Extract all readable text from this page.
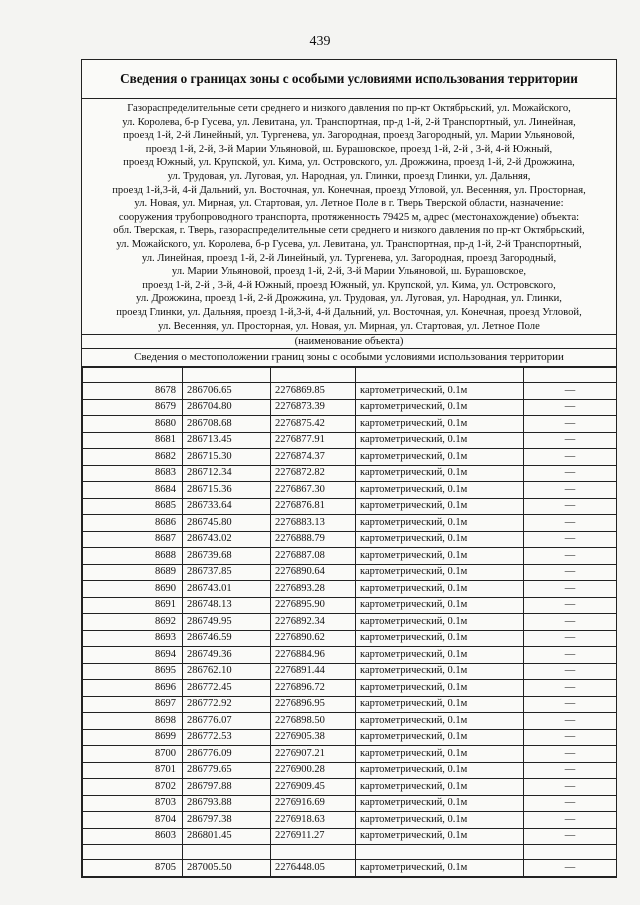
439
Сведения о границах зоны с особыми условиями использования территории
Газораспределительные сети среднего и низкого давления по пр-кт Октябрьский, ул. Можайского,
ул. Королева, б-р Гусева, ул. Левитана, ул. Транспортная, пр-д 1-й, 2-й Транспортный, ул. Линейная,
проезд 1-й, 2-й Линейный, ул. Тургенева, ул. Загородная, проезд Загородный, ул. Марии Ульяновой,
проезд 1-й, 2-й, 3-й Марии Ульяновой, ш. Бурашовское, проезд 1-й, 2-й , 3-й, 4-й Южный,
проезд Южный, ул. Крупской, ул. Кима, ул. Островского, ул. Дрожжина, проезд 1-й, 2-й Дрожжина,
ул. Трудовая, ул. Луговая, ул. Народная, ул. Глинки, проезд Глинки, ул. Дальняя,
проезд 1-й,3-й, 4-й Дальний, ул. Восточная, ул. Конечная, проезд Угловой, ул. Весенняя, ул. Просторная,
ул. Новая, ул. Мирная, ул. Стартовая, ул. Летное Поле в г. Тверь Тверской области, назначение:
сооружения трубопроводного транспорта, протяженность 79425 м, адрес (местонахождение) объекта:
обл. Тверская, г. Тверь, газораспределительные сети среднего и низкого давления по пр-кт Октябрьский,
ул. Можайского, ул. Королева, б-р Гусева, ул. Левитана, ул. Транспортная, пр-д 1-й, 2-й Транспортный,
ул. Линейная, проезд 1-й, 2-й Линейный, ул. Тургенева, ул. Загородная, проезд Загородный,
ул. Марии Ульяновой, проезд 1-й, 2-й, 3-й Марии Ульяновой, ш. Бурашовское,
проезд 1-й, 2-й , 3-й, 4-й Южный, проезд Южный, ул. Крупской, ул. Кима, ул. Островского,
ул. Дрожжина, проезд 1-й, 2-й Дрожжина, ул. Трудовая, ул. Луговая, ул. Народная, ул. Глинки,
проезд Глинки, ул. Дальняя, проезд 1-й,3-й, 4-й Дальний, ул. Восточная, ул. Конечная, проезд Угловой,
ул. Весенняя, ул. Просторная, ул. Новая, ул. Мирная, ул. Стартовая, ул. Летное Поле
(наименование объекта)
Сведения о местоположении границ зоны с особыми условиями использования территории

8678	286706.65	2276869.85	картометрический, 0.1м	—
8679	286704.80	2276873.39	картометрический, 0.1м	—
8680	286708.68	2276875.42	картометрический, 0.1м	—
8681	286713.45	2276877.91	картометрический, 0.1м	—
8682	286715.30	2276874.37	картометрический, 0.1м	—
8683	286712.34	2276872.82	картометрический, 0.1м	—
8684	286715.36	2276867.30	картометрический, 0.1м	—
8685	286733.64	2276876.81	картометрический, 0.1м	—
8686	286745.80	2276883.13	картометрический, 0.1м	—
8687	286743.02	2276888.79	картометрический, 0.1м	—
8688	286739.68	2276887.08	картометрический, 0.1м	—
8689	286737.85	2276890.64	картометрический, 0.1м	—
8690	286743.01	2276893.28	картометрический, 0.1м	—
8691	286748.13	2276895.90	картометрический, 0.1м	—
8692	286749.95	2276892.34	картометрический, 0.1м	—
8693	286746.59	2276890.62	картометрический, 0.1м	—
8694	286749.36	2276884.96	картометрический, 0.1м	—
8695	286762.10	2276891.44	картометрический, 0.1м	—
8696	286772.45	2276896.72	картометрический, 0.1м	—
8697	286772.92	2276896.95	картометрический, 0.1м	—
8698	286776.07	2276898.50	картометрический, 0.1м	—
8699	286772.53	2276905.38	картометрический, 0.1м	—
8700	286776.09	2276907.21	картометрический, 0.1м	—
8701	286779.65	2276900.28	картометрический, 0.1м	—
8702	286797.88	2276909.45	картометрический, 0.1м	—
8703	286793.88	2276916.69	картометрический, 0.1м	—
8704	286797.38	2276918.63	картометрический, 0.1м	—
8603	286801.45	2276911.27	картометрический, 0.1м	—

8705	287005.50	2276448.05	картометрический, 0.1м	—
